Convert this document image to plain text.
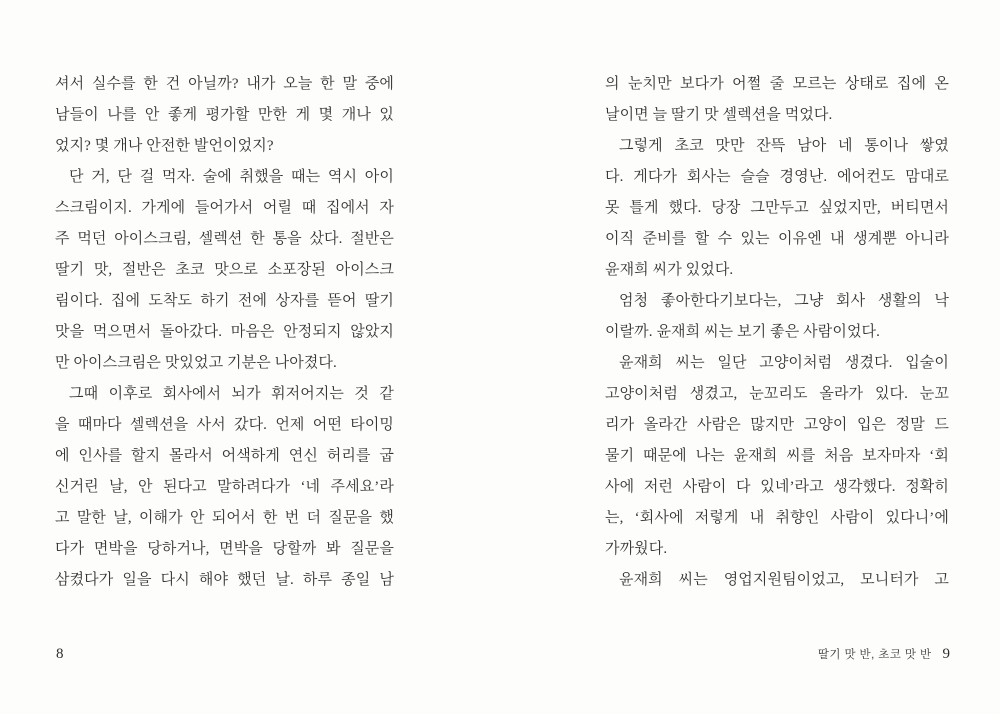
셔서 실수를 한 건 아닐까? 내가 오늘 한 말 중에
남들이 나를 안 좋게 평가할 만한 게 몇 개나 있
었지? 몇 개나 안전한 발언이었지?
단 거, 단 걸 먹자. 술에 취했을 때는 역시 아이
스크림이지. 가게에 들어가서 어릴 때 집에서 자
주 먹던 아이스크림, 셀렉션 한 통을 샀다. 절반은
딸기 맛, 절반은 초코 맛으로 소포장된 아이스크
림이다. 집에 도착도 하기 전에 상자를 뜯어 딸기
맛을 먹으면서 돌아갔다. 마음은 안정되지 않았지
만 아이스크림은 맛있었고 기분은 나아졌다.
그때 이후로 회사에서 뇌가 휘저어지는 것 같
을 때마다 셀렉션을 사서 갔다. 언제 어떤 타이밍
에 인사를 할지 몰라서 어색하게 연신 허리를 굽
신거린 날, 안 된다고 말하려다가 ‘네 주세요’라
고 말한 날, 이해가 안 되어서 한 번 더 질문을 했
다가 면박을 당하거나, 면박을 당할까 봐 질문을
삼켰다가 일을 다시 해야 했던 날. 하루 종일 남
의 눈치만 보다가 어쩔 줄 모르는 상태로 집에 온
날이면 늘 딸기 맛 셀렉션을 먹었다.
그렇게 초코 맛만 잔뜩 남아 네 통이나 쌓였
다. 게다가 회사는 슬슬 경영난. 에어컨도 맘대로
못 틀게 했다. 당장 그만두고 싶었지만, 버티면서
이직 준비를 할 수 있는 이유엔 내 생계뿐 아니라
윤재희 씨가 있었다.
엄청 좋아한다기보다는, 그냥 회사 생활의 낙
이랄까. 윤재희 씨는 보기 좋은 사람이었다.
윤재희 씨는 일단 고양이처럼 생겼다. 입술이
고양이처럼 생겼고, 눈꼬리도 올라가 있다. 눈꼬
리가 올라간 사람은 많지만 고양이 입은 정말 드
물기 때문에 나는 윤재희 씨를 처음 보자마자 ‘회
사에 저런 사람이 다 있네’라고 생각했다. 정확히
는, ‘회사에 저렇게 내 취향인 사람이 있다니’에
가까웠다.
윤재희 씨는 영업지원팀이었고, 모니터가 고
8	딸기 맛 반, 초코 맛 반 9
